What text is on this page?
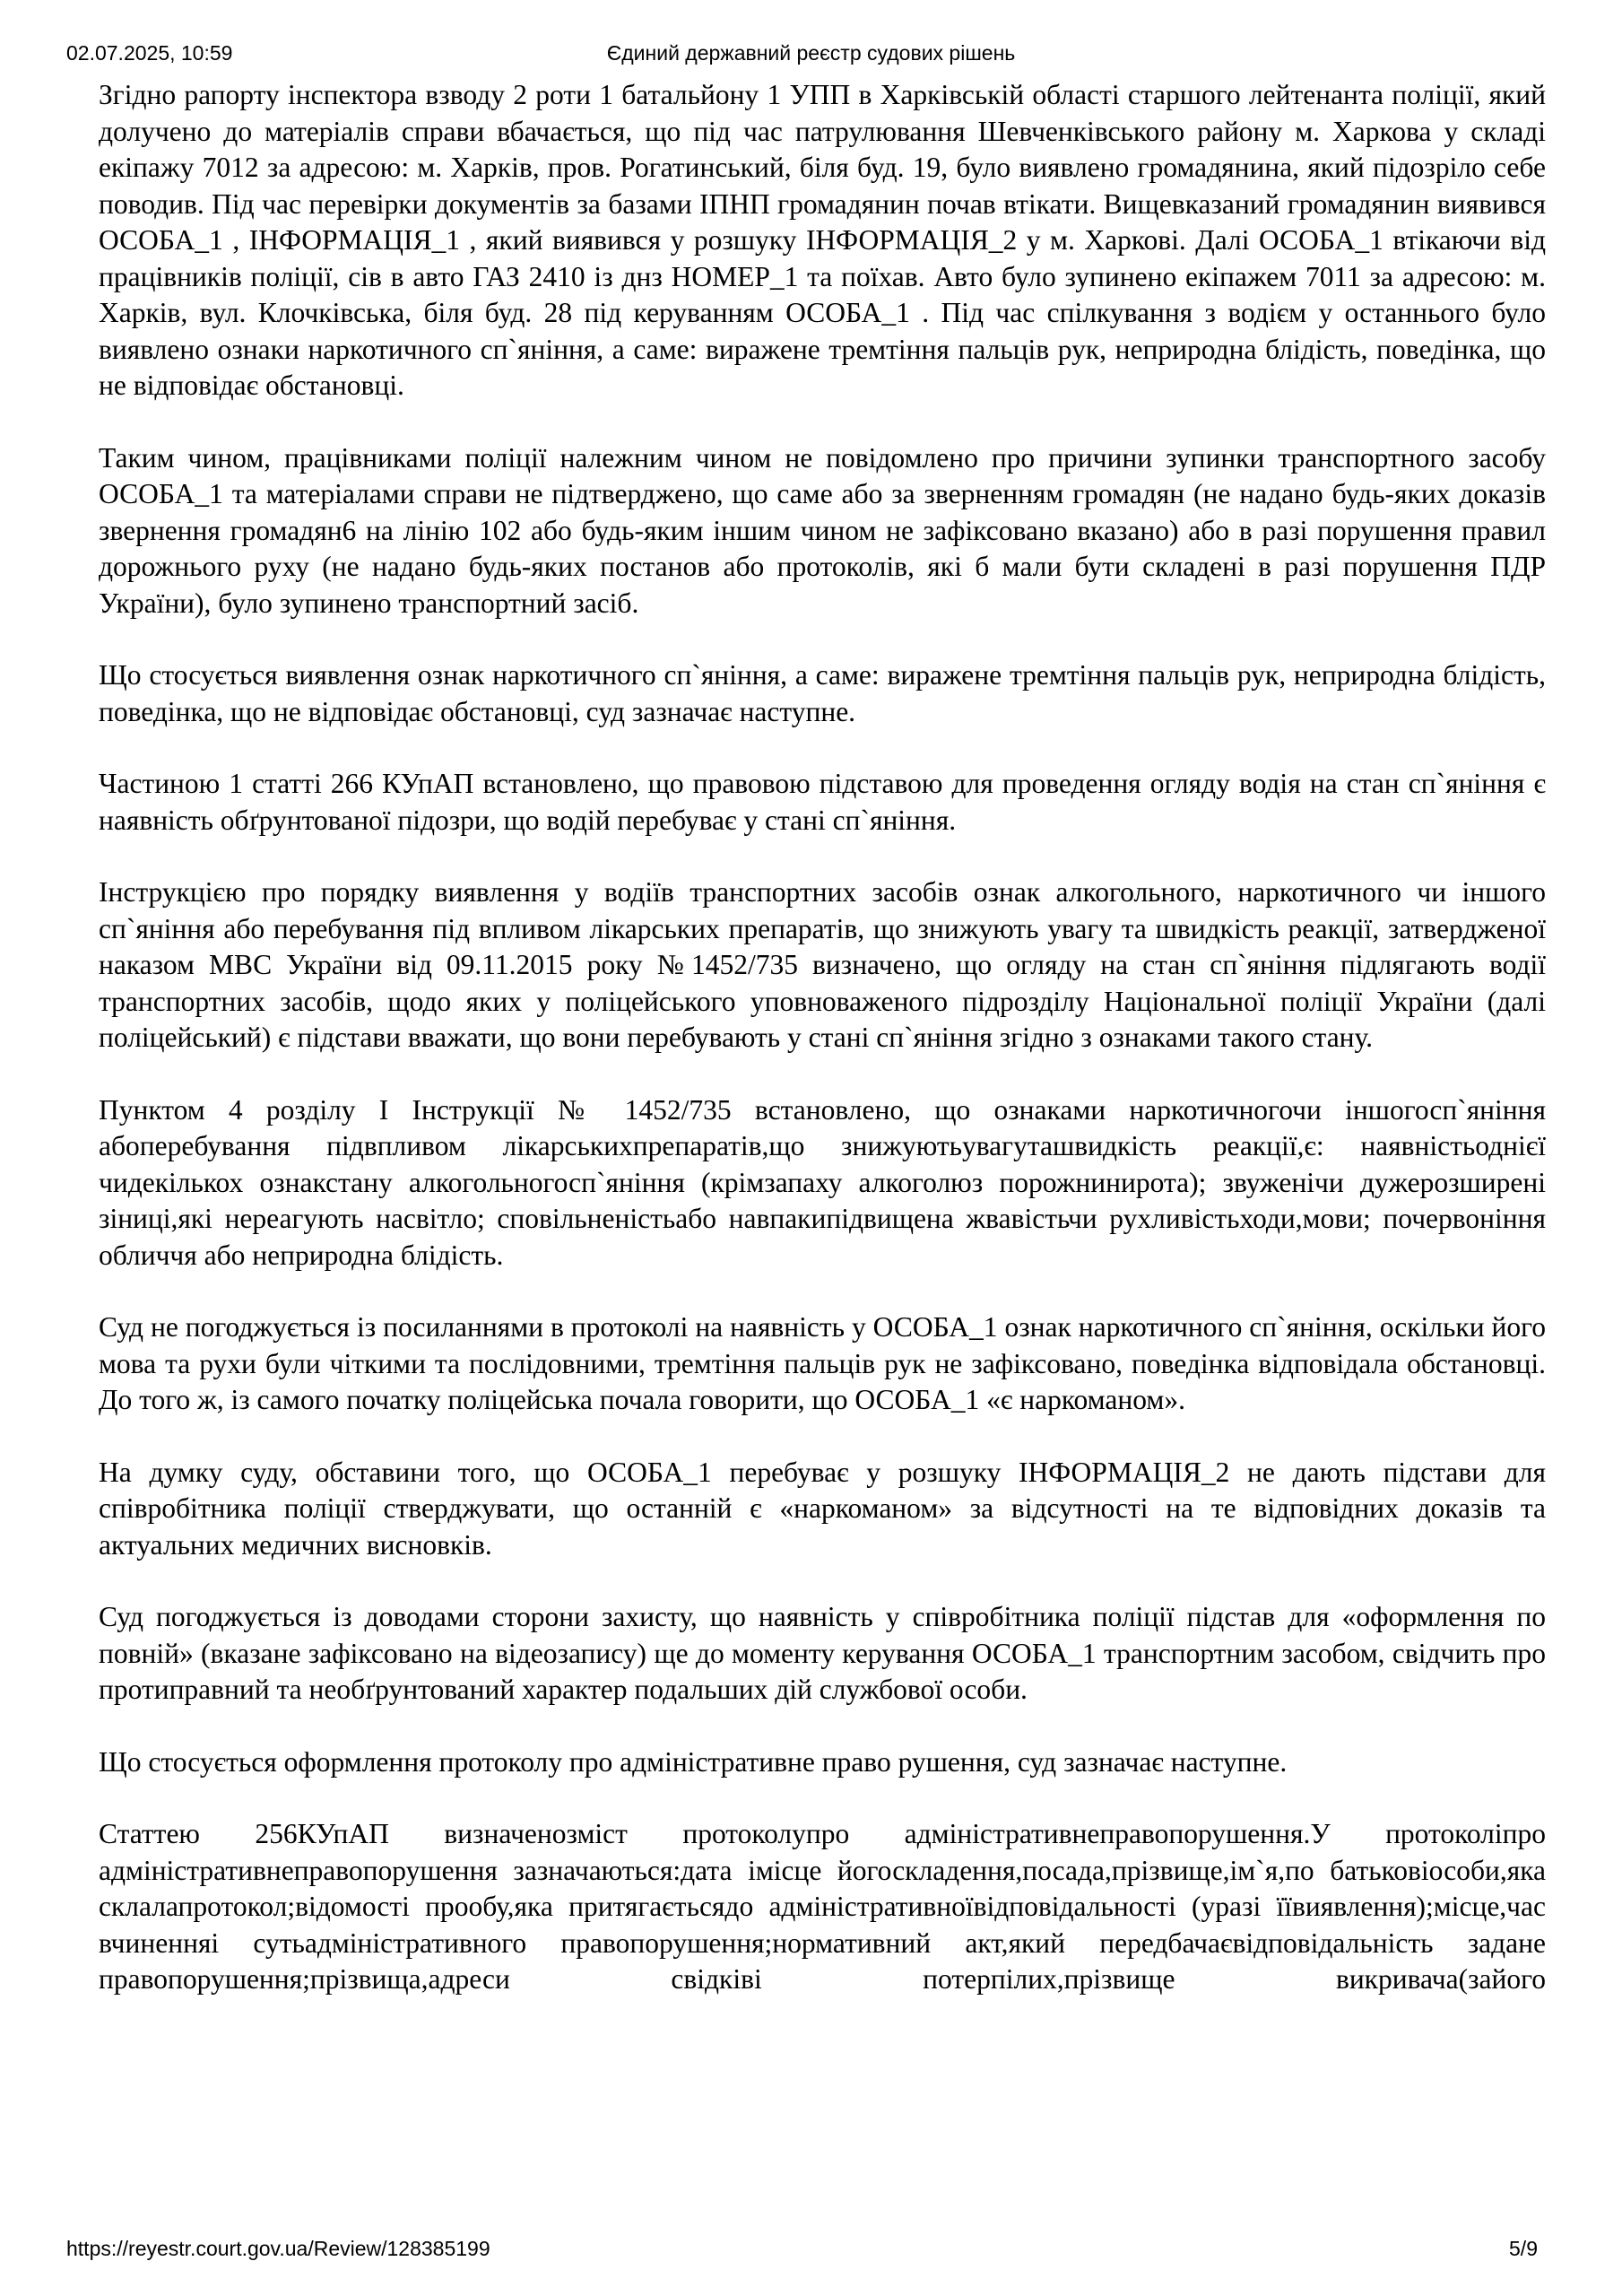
02.07.2025, 10:59	Єдиний державний реєстр судових рішень

Згідно рапорту інспектора взводу 2 роти 1 батальйону 1 УПП в Харківській області старшого лейтенанта поліції, який долучено до матеріалів справи вбачається, що під час патрулювання Шевченківського району м. Харкова у складі екіпажу 7012 за адресою: м. Харків, пров. Рогатинський, біля буд. 19, було виявлено громадянина, який підозріло себе поводив. Під час перевірки документів за базами ІПНП громадянин почав втікати. Вищевказаний громадянин виявився ОСОБА_1 , ІНФОРМАЦІЯ_1 , який виявився у розшуку ІНФОРМАЦІЯ_2 у м. Харкові. Далі ОСОБА_1 втікаючи від працівників поліції, сів в авто ГАЗ 2410 із днз НОМЕР_1 та поїхав. Авто було зупинено екіпажем 7011 за адресою: м. Харків, вул. Клочківська, біля буд. 28 під керуванням ОСОБА_1 . Під час спілкування з водієм у останнього було виявлено ознаки наркотичного сп`яніння, а саме: виражене тремтіння пальців рук, неприродна блідість, поведінка, що не відповідає обстановці.

Таким чином, працівниками поліції належним чином не повідомлено про причини зупинки транспортного засобу ОСОБА_1 та матеріалами справи не підтверджено, що саме або за зверненням громадян (не надано будь-яких доказів звернення громадян6 на лінію 102 або будь-яким іншим чином не зафіксовано вказано) або в разі порушення правил дорожнього руху (не надано будь-яких постанов або протоколів, які б мали бути складені в разі порушення ПДР України), було зупинено транспортний засіб.

Що стосується виявлення ознак наркотичного сп`яніння, а саме: виражене тремтіння пальців рук, неприродна блідість, поведінка, що не відповідає обстановці, суд зазначає наступне.

Частиною 1 статті 266 КУпАП встановлено, що правовою підставою для проведення огляду водія на стан сп`яніння є наявність обґрунтованої підозри, що водій перебуває у стані сп`яніння.

Інструкцією про порядку виявлення у водіїв транспортних засобів ознак алкогольного, наркотичного чи іншого сп`яніння або перебування під впливом лікарських препаратів, що знижують увагу та швидкість реакції, затвердженої наказом МВС України від 09.11.2015 року №1452/735 визначено, що огляду на стан сп`яніння підлягають водії транспортних засобів, щодо яких у поліцейського уповноваженого підрозділу Національної поліції України (далі поліцейський) є підстави вважати, що вони перебувають у стані сп`яніння згідно з ознаками такого стану.

Пунктом 4 розділу І Інструкції № 1452/735 встановлено, що ознаками наркотичногочи іншогосп`яніння абоперебування підвпливом лікарськихпрепаратів,що знижуютьувагуташвидкість реакції,є: наявністьоднієї чидекількох ознакстану алкогольногосп`яніння (крімзапаху алкоголюз порожнинирота); звуженічи дужерозширені зіниці,які нереагують насвітло; сповільненістьабо навпакипідвищена жвавістьчи рухливістьходи,мови; почервоніння обличчя або неприродна блідість.

Суд не погоджується із посиланнями в протоколі на наявність у ОСОБА_1 ознак наркотичного сп`яніння, оскільки його мова та рухи були чіткими та послідовними, тремтіння пальців рук не зафіксовано, поведінка відповідала обстановці. До того ж, із самого початку поліцейська почала говорити, що ОСОБА_1 «є наркоманом».

На думку суду, обставини того, що ОСОБА_1 перебуває у розшуку ІНФОРМАЦІЯ_2 не дають підстави для співробітника поліції стверджувати, що останній є «наркоманом» за відсутності на те відповідних доказів та актуальних медичних висновків.

Суд погоджується із доводами сторони захисту, що наявність у співробітника поліції підстав для «оформлення по повній» (вказане зафіксовано на відеозапису) ще до моменту керування ОСОБА_1 транспортним засобом, свідчить про протиправний та необґрунтований характер подальших дій службової особи.

Що стосується оформлення протоколу про адміністративне право рушення, суд зазначає наступне.

Статтею 256КУпАП визначенозміст протоколупро адміністративнеправопорушення.У протоколіпро адміністративнеправопорушення зазначаються:дата імісце йогоскладення,посада,прізвище,ім`я,по батьковіособи,яка склалапротокол;відомості прообу,яка притягаєтьсядо адміністративноївідповідальності (уразі їївиявлення);місце,час вчиненняі сутьадміністративного правопорушення;нормативний акт,який передбачаєвідповідальність задане правопорушення;прізвища,адреси свідківі потерпілих,прізвище викривача(зайого

https://reyestr.court.gov.ua/Review/128385199	5/9
